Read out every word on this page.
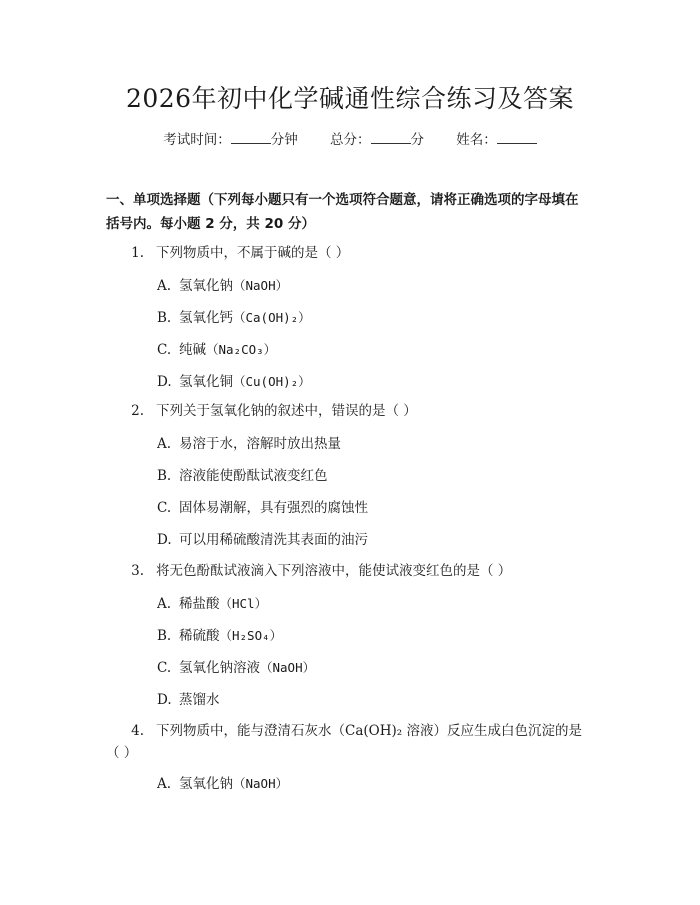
2026年初中化学碱通性综合练习及答案
考试时间：	分钟 总分：	分 姓名：
一、单项选择题（下列每小题只有一个选项符合题意，请将正确选项的字母填在
括号内。每小题 2 分，共 20 分）
1. 下列物质中，不属于碱的是（ ）
A. 氢氧化钠（NaOH）
B. 氢氧化钙（Ca(OH)₂）
C. 纯碱（Na₂CO₃）
D. 氢氧化铜（Cu(OH)₂）
2. 下列关于氢氧化钠的叙述中，错误的是（ ）
A. 易溶于水，溶解时放出热量
B. 溶液能使酚酞试液变红色
C. 固体易潮解，具有强烈的腐蚀性
D. 可以用稀硫酸清洗其表面的油污
3. 将无色酚酞试液滴入下列溶液中，能使试液变红色的是（ ）
A. 稀盐酸（HCl）
B. 稀硫酸（H₂SO₄）
C. 氢氧化钠溶液（NaOH）
D. 蒸馏水
4. 下列物质中，能与澄清石灰水（Ca(OH)₂ 溶液）反应生成白色沉淀的是
（ ）
A. 氢氧化钠（NaOH）
